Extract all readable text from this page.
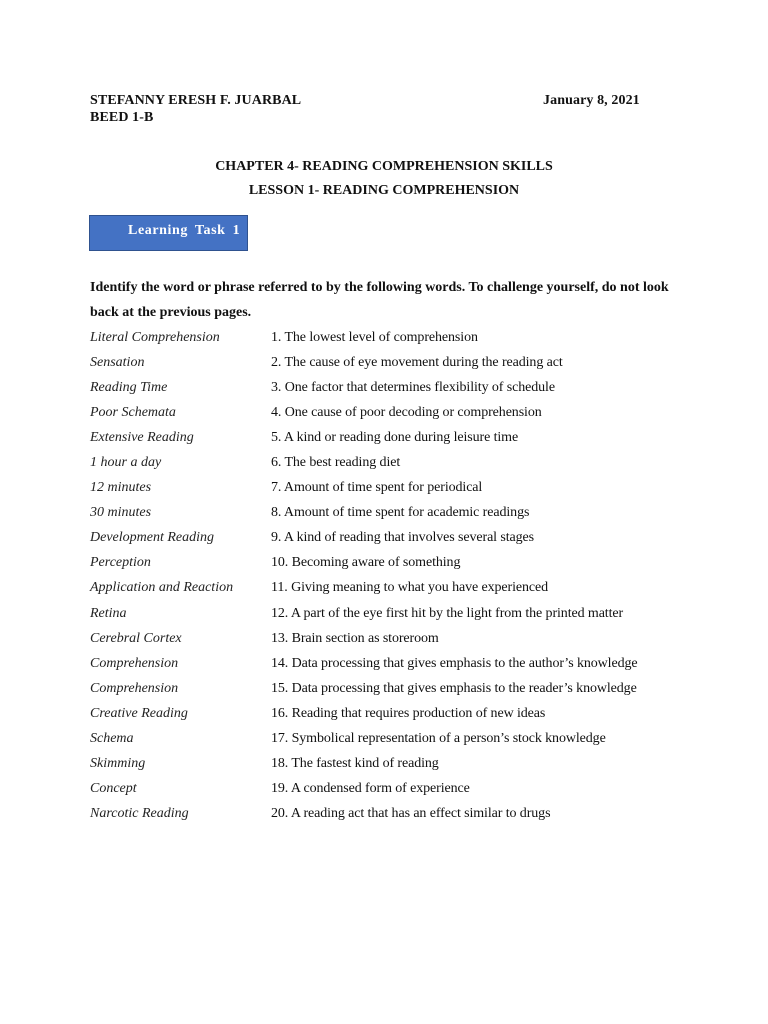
STEFANNY ERESH F. JUARBAL
BEED 1-B
January 8, 2021
CHAPTER 4- READING COMPREHENSION SKILLS
LESSON 1- READING COMPREHENSION
Learning Task 1
Identify the word or phrase referred to by the following words. To challenge yourself, do not look back at the previous pages.
Literal Comprehension	1. The lowest level of comprehension
Sensation	2. The cause of eye movement during the reading act
Reading Time	3. One factor that determines flexibility of schedule
Poor Schemata	4. One cause of poor decoding or comprehension
Extensive Reading	5. A kind or reading done during leisure time
1 hour a day	6. The best reading diet
12 minutes	7. Amount of time spent for periodical
30 minutes	8. Amount of time spent for academic readings
Development Reading	9. A kind of reading that involves several stages
Perception	10. Becoming aware of something
Application and Reaction	11. Giving meaning to what you have experienced
Retina	12. A part of the eye first hit by the light from the printed matter
Cerebral Cortex	13. Brain section as storeroom
Comprehension	14. Data processing that gives emphasis to the author’s knowledge
Comprehension	15. Data processing that gives emphasis to the reader’s knowledge
Creative Reading	16. Reading that requires production of new ideas
Schema	17. Symbolical representation of a person’s stock knowledge
Skimming	18. The fastest kind of reading
Concept	19. A condensed form of experience
Narcotic Reading	20. A reading act that has an effect similar to drugs
